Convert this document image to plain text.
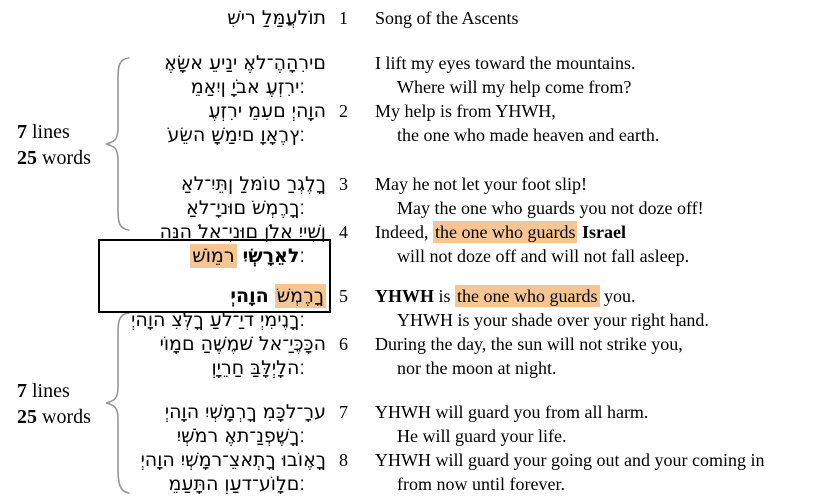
7 lines
25 words
7 lines
25 words
שִׁיר לַמַּעֲלוֹת 1	Song of the Ascents
אֶשָּׂא עֵינַי אֶל־הֶהָרִים	I lift my eyes toward the mountains.
מֵאַיִן יָבֹא עֶזְרִי׃	Where will my help come from?
עֶזְרִי מֵעִם יְהוָה 2	My help is from YHWH,
עֹשֵׂה שָׁמַיִם וָאָרֶץ׃	the one who made heaven and earth.
אַל־יִתֵּן לַמּוֹט רַגְלֶךָ 3	May he not let your foot slip!
אַל־יָנוּם שֹׁמְרֶךָ׃	May the one who guards you not doze off!
הִנֵּה לֹא־יָנוּם וְלֹא יִישָׁן 4	Indeed, the one who guards Israel
שׁוֹמֵר יִשְׂרָאֵל׃	will not doze off and will not fall asleep.
יְהוָה שֹׁמְרֶךָ 5	YHWH is the one who guards you.
יְהוָה צִלְּךָ עַל־יַד יְמִינֶךָ׃	YHWH is your shade over your right hand.
יוֹמָם הַשֶּׁמֶשׁ לֹא־יַכֶּכָּה 6	During the day, the sun will not strike you,
וְיָרֵחַ בַּלָּיְלָה׃	nor the moon at night.
יְהוָה יִשְׁמָרְךָ מִכָּל־רָע 7	YHWH will guard you from all harm.
יִשְׁמֹר אֶת־נַפְשֶׁךָ׃	He will guard your life.
יְהוָה יִשְׁמָר־צֵאתְךָ וּבוֹאֶךָ 8	YHWH will guard your going out and your coming in
מֵעַתָּה וְעַד־עוֹלָם׃	from now until forever.
